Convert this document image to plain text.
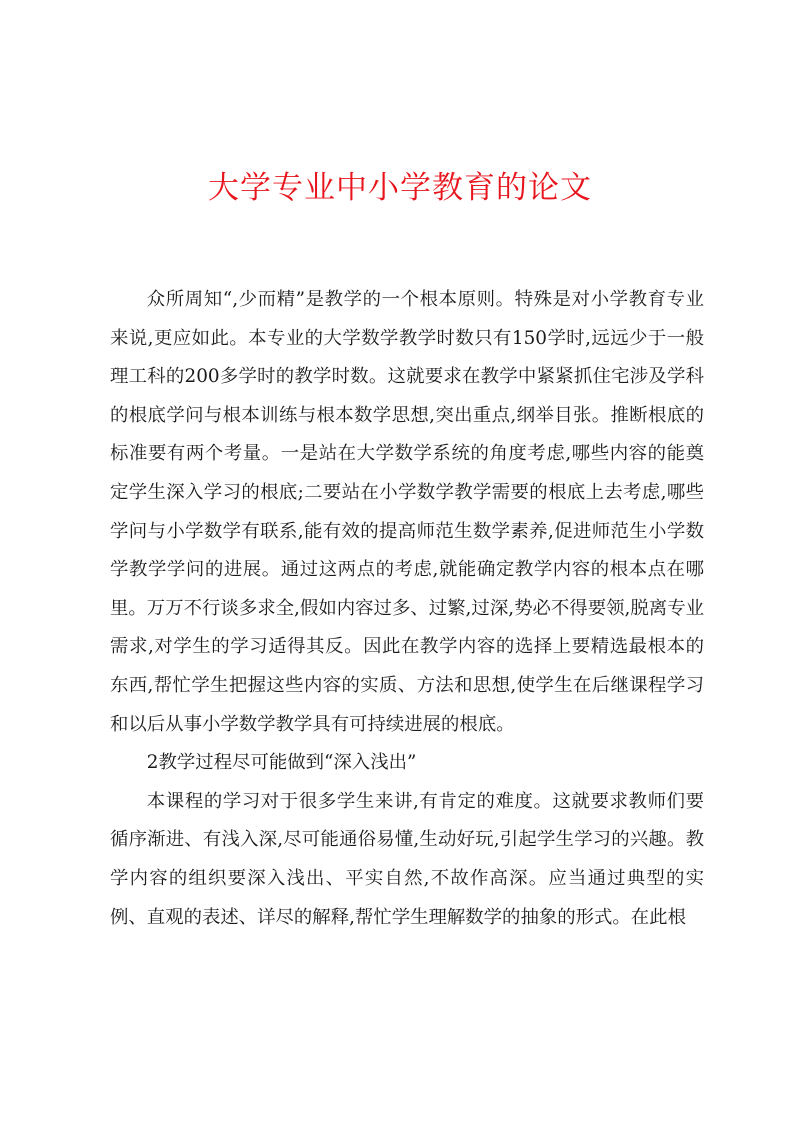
大学专业中小学教育的论文

众所周知“,少而精”是教学的一个根本原则。特殊是对小学教育专业来说,更应如此。本专业的大学数学教学时数只有150学时,远远少于一般理工科的200多学时的教学时数。这就要求在教学中紧紧抓住宅涉及学科的根底学问与根本训练与根本数学思想,突出重点,纲举目张。推断根底的标准要有两个考量。一是站在大学数学系统的角度考虑,哪些内容的能奠定学生深入学习的根底;二要站在小学数学教学需要的根底上去考虑,哪些学问与小学数学有联系,能有效的提高师范生数学素养,促进师范生小学数学教学学问的进展。通过这两点的考虑,就能确定教学内容的根本点在哪里。万万不行谈多求全,假如内容过多、过繁,过深,势必不得要领,脱离专业需求,对学生的学习适得其反。因此在教学内容的选择上要精选最根本的东西,帮忙学生把握这些内容的实质、方法和思想,使学生在后继课程学习和以后从事小学数学教学具有可持续进展的根底。

2教学过程尽可能做到“深入浅出”

本课程的学习对于很多学生来讲,有肯定的难度。这就要求教师们要循序渐进、有浅入深,尽可能通俗易懂,生动好玩,引起学生学习的兴趣。教学内容的组织要深入浅出、平实自然,不故作高深。应当通过典型的实例、直观的表述、详尽的解释,帮忙学生理解数学的抽象的形式。在此根
